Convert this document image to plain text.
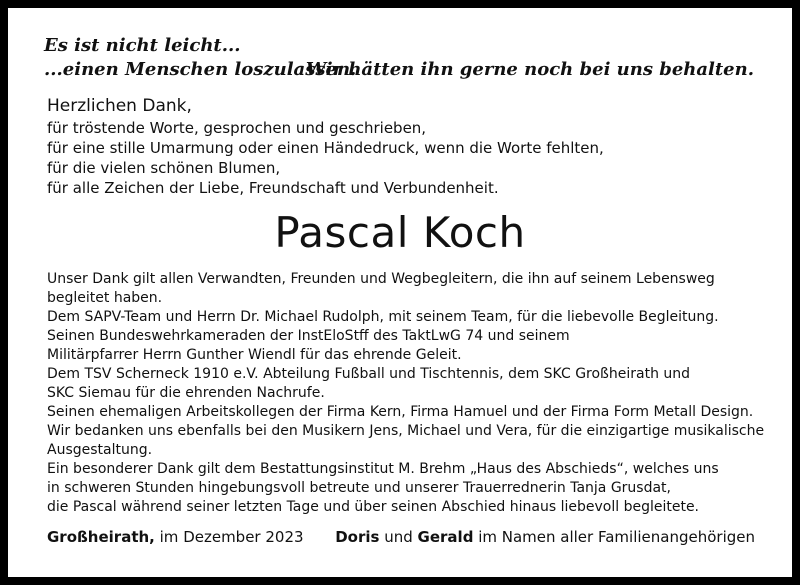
Es ist nicht leicht...
...einen Menschen loszulassen.
Wir hätten ihn gerne noch bei uns behalten.
Herzlichen Dank,
für tröstende Worte, gesprochen und geschrieben,
für eine stille Umarmung oder einen Händedruck, wenn die Worte fehlten,
für die vielen schönen Blumen,
für alle Zeichen der Liebe, Freundschaft und Verbundenheit.
Pascal Koch
Unser Dank gilt allen Verwandten, Freunden und Wegbegleitern, die ihn auf seinem Lebensweg
begleitet haben.
Dem SAPV-Team und Herrn Dr. Michael Rudolph, mit seinem Team, für die liebevolle Begleitung.
Seinen Bundeswehrkameraden der InstEloStff des TaktLwG 74 und seinem
Militärpfarrer Herrn Gunther Wiendl für das ehrende Geleit.
Dem TSV Scherneck 1910 e.V. Abteilung Fußball und Tischtennis, dem SKC Großheirath und
SKC Siemau für die ehrenden Nachrufe.
Seinen ehemaligen Arbeitskollegen der Firma Kern, Firma Hamuel und der Firma Form Metall Design.
Wir bedanken uns ebenfalls bei den Musikern Jens, Michael und Vera, für die einzigartige musikalische
Ausgestaltung.
Ein besonderer Dank gilt dem Bestattungsinstitut M. Brehm „Haus des Abschieds“, welches uns
in schweren Stunden hingebungsvoll betreute und unserer Trauerrednerin Tanja Grusdat,
die Pascal während seiner letzten Tage und über seinen Abschied hinaus liebevoll begleitete.
Großheirath, im Dezember 2023 Doris und Gerald im Namen aller Familienangehörigen
